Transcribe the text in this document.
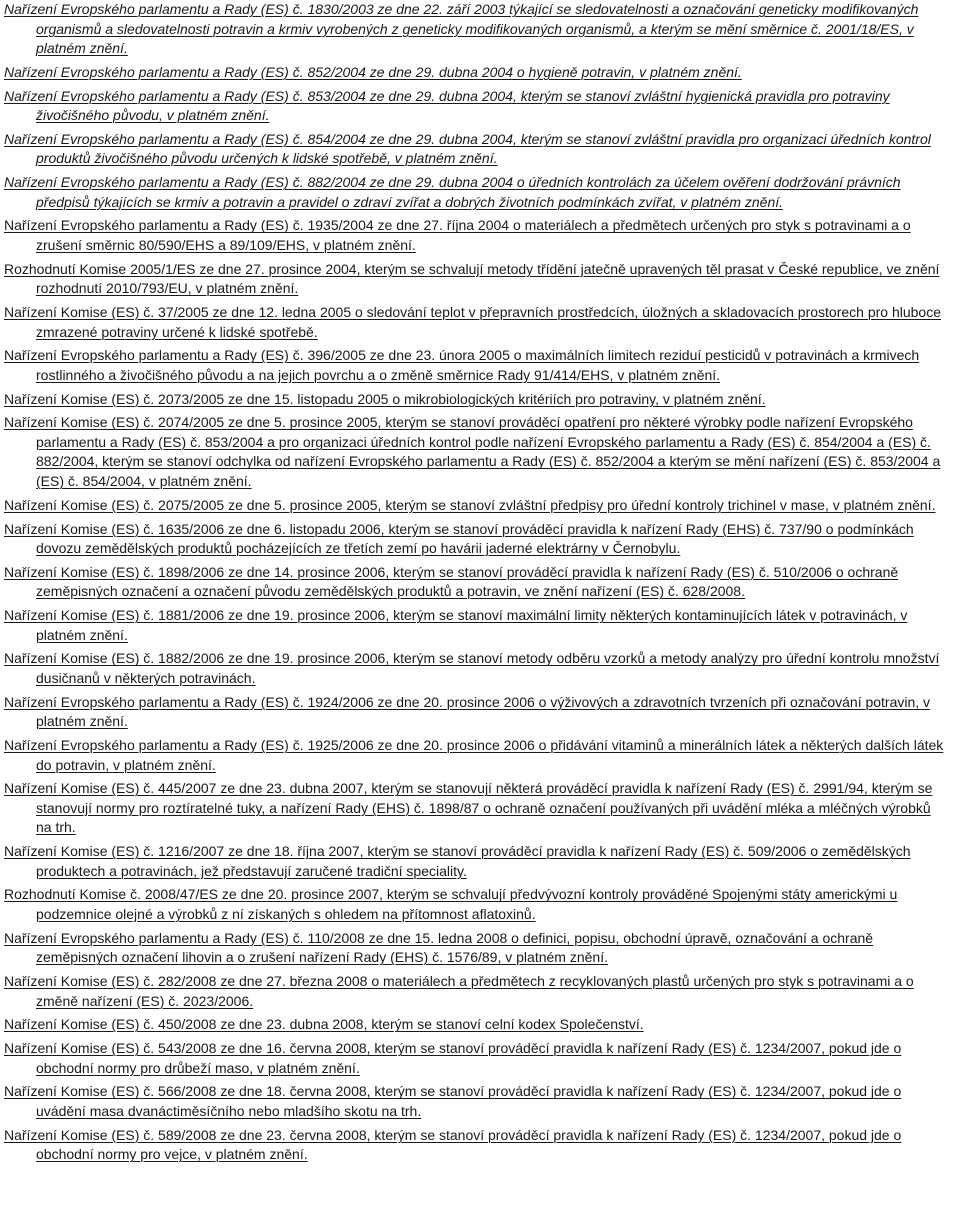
Nařízení Evropského parlamentu a Rady (ES) č. 1830/2003 ze dne 22. září 2003 týkající se sledovatelnosti a označování geneticky modifikovaných organismů a sledovatelnosti potravin a krmiv vyrobených z geneticky modifikovaných organismů, a kterým se mění směrnice č. 2001/18/ES, v platném znění.
Nařízení Evropského parlamentu a Rady (ES) č. 852/2004 ze dne 29. dubna 2004 o hygieně potravin, v platném znění.
Nařízení Evropského parlamentu a Rady (ES) č. 853/2004 ze dne 29. dubna 2004, kterým se stanoví zvláštní hygienická pravidla pro potraviny živočišného původu, v platném znění.
Nařízení Evropského parlamentu a Rady (ES) č. 854/2004 ze dne 29. dubna 2004, kterým se stanoví zvláštní pravidla pro organizaci úředních kontrol produktů živočišného původu určených k lidské spotřebě, v platném znění.
Nařízení Evropského parlamentu a Rady (ES) č. 882/2004 ze dne 29. dubna 2004 o úředních kontrolách za účelem ověření dodržování právních předpisů týkajících se krmiv a potravin a pravidel o zdraví zvířat a dobrých životních podmínkách zvířat, v platném znění.
Nařízení Evropského parlamentu a Rady (ES) č. 1935/2004 ze dne 27. října 2004 o materiálech a předmětech určených pro styk s potravinami a o zrušení směrnic 80/590/EHS a 89/109/EHS, v platném znění.
Rozhodnutí Komise 2005/1/ES ze dne 27. prosince 2004, kterým se schvalují metody třídění jatečně upravených těl prasat v České republice, ve znění rozhodnutí 2010/793/EU, v platném znění.
Nařízení Komise (ES) č. 37/2005 ze dne 12. ledna 2005 o sledování teplot v přepravních prostředcích, úložných a skladovacích prostorech pro hluboce zmrazené potraviny určené k lidské spotřebě.
Nařízení Evropského parlamentu a Rady (ES) č. 396/2005 ze dne 23. února 2005 o maximálních limitech reziduí pesticidů v potravinách a krmivech rostlinného a živočišného původu a na jejich povrchu a o změně směrnice Rady 91/414/EHS, v platném znění.
Nařízení Komise (ES) č. 2073/2005 ze dne 15. listopadu 2005 o mikrobiologických kritériích pro potraviny, v platném znění.
Nařízení Komise (ES) č. 2074/2005 ze dne 5. prosince 2005, kterým se stanoví prováděcí opatření pro některé výrobky podle nařízení Evropského parlamentu a Rady (ES) č. 853/2004 a pro organizaci úředních kontrol podle nařízení Evropského parlamentu a Rady (ES) č. 854/2004 a (ES) č. 882/2004, kterým se stanoví odchylka od nařízení Evropského parlamentu a Rady (ES) č. 852/2004 a kterým se mění nařízení (ES) č. 853/2004 a (ES) č. 854/2004, v platném znění.
Nařízení Komise (ES) č. 2075/2005 ze dne 5. prosince 2005, kterým se stanoví zvláštní předpisy pro úřední kontroly trichinel v mase, v platném znění.
Nařízení Komise (ES) č. 1635/2006 ze dne 6. listopadu 2006, kterým se stanoví prováděcí pravidla k nařízení Rady (EHS) č. 737/90 o podmínkách dovozu zemědělských produktů pocházejících ze třetích zemí po havárii jaderné elektrárny v Černobylu.
Nařízení Komise (ES) č. 1898/2006 ze dne 14. prosince 2006, kterým se stanoví prováděcí pravidla k nařízení Rady (ES) č. 510/2006 o ochraně zeměpisných označení a označení původu zemědělských produktů a potravin, ve znění nařízení (ES) č. 628/2008.
Nařízení Komise (ES) č. 1881/2006 ze dne 19. prosince 2006, kterým se stanoví maximální limity některých kontaminujících látek v potravinách, v platném znění.
Nařízení Komise (ES) č. 1882/2006 ze dne 19. prosince 2006, kterým se stanoví metody odběru vzorků a metody analýzy pro úřední kontrolu množství dusičnanů v některých potravinách.
Nařízení Evropského parlamentu a Rady (ES) č. 1924/2006 ze dne 20. prosince 2006 o výživových a zdravotních tvrzeních při označování potravin, v platném znění.
Nařízení Evropského parlamentu a Rady (ES) č. 1925/2006 ze dne 20. prosince 2006 o přidávání vitaminů a minerálních látek a některých dalších látek do potravin, v platném znění.
Nařízení Komise (ES) č. 445/2007 ze dne 23. dubna 2007, kterým se stanovují některá prováděcí pravidla k nařízení Rady (ES) č. 2991/94, kterým se stanovují normy pro roztíratelné tuky, a nařízení Rady (EHS) č. 1898/87 o ochraně označení používaných při uvádění mléka a mléčných výrobků na trh.
Nařízení Komise (ES) č. 1216/2007 ze dne 18. října 2007, kterým se stanoví prováděcí pravidla k nařízení Rady (ES) č. 509/2006 o zemědělských produktech a potravinách, jež představují zaručené tradiční speciality.
Rozhodnutí Komise č. 2008/47/ES ze dne 20. prosince 2007, kterým se schvalují předvývozní kontroly prováděné Spojenými státy americkými u podzemnice olejné a výrobků z ní získaných s ohledem na přítomnost aflatoxinů.
Nařízení Evropského parlamentu a Rady (ES) č. 110/2008 ze dne 15. ledna 2008 o definici, popisu, obchodní úpravě, označování a ochraně zeměpisných označení lihovin a o zrušení nařízení Rady (EHS) č. 1576/89, v platném znění.
Nařízení Komise (ES) č. 282/2008 ze dne 27. března 2008 o materiálech a předmětech z recyklovaných plastů určených pro styk s potravinami a o změně nařízení (ES) č. 2023/2006.
Nařízení Komise (ES) č. 450/2008 ze dne 23. dubna 2008, kterým se stanoví celní kodex Společenství.
Nařízení Komise (ES) č. 543/2008 ze dne 16. června 2008, kterým se stanoví prováděcí pravidla k nařízení Rady (ES) č. 1234/2007, pokud jde o obchodní normy pro drůbeží maso, v platném znění.
Nařízení Komise (ES) č. 566/2008 ze dne 18. června 2008, kterým se stanoví prováděcí pravidla k nařízení Rady (ES) č. 1234/2007, pokud jde o uvádění masa dvanáctiměsíčního nebo mladšího skotu na trh.
Nařízení Komise (ES) č. 589/2008 ze dne 23. června 2008, kterým se stanoví prováděcí pravidla k nařízení Rady (ES) č. 1234/2007, pokud jde o obchodní normy pro vejce, v platném znění.
